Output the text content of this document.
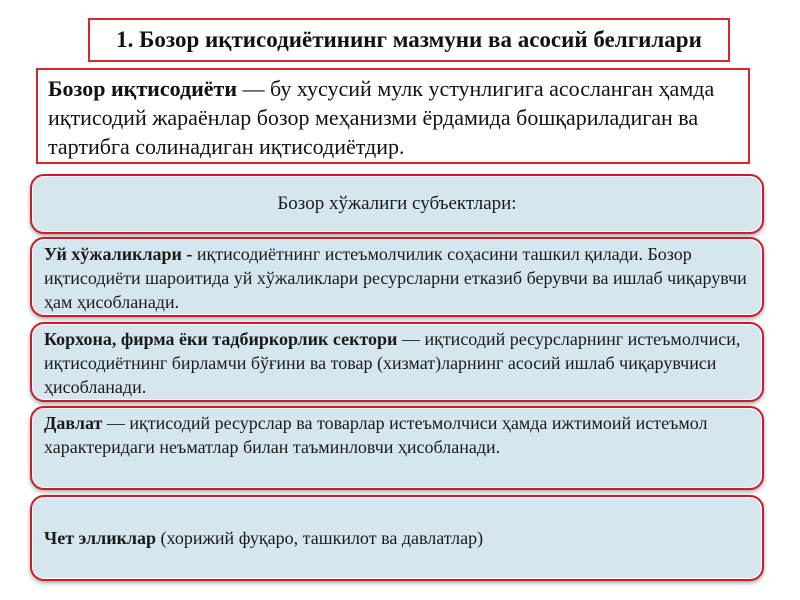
1. Бозор иқтисодиётининг мазмуни ва асосий белгилари
Бозор иқтисодиёти — бу хусусий мулк устунлигига асосланган ҳамда иқтисодий жараёнлар бозор меҳанизми ёрдамида бошқариладиган ва тартибга солинадиган иқтисодиётдир.
Бозор хўжалиги субъектлари:
Уй хўжаликлари - иқтисодиётнинг истеъмолчилик соҳасини ташкил қилади. Бозор иқтисодиёти шароитида уй хўжаликлари ресурсларни етказиб берувчи ва ишлаб чиқарувчи ҳам ҳисобланади.
Корхона, фирма ёки тадбиркорлик сектори — иқтисодий ресурсларнинг истеъмолчиси, иқтисодиётнинг бирламчи бўғини ва товар (хизмат)ларнинг асосий ишлаб чиқарувчиси ҳисобланади.
Давлат — иқтисодий ресурслар ва товарлар истеъмолчиси ҳамда ижтимоий истеъмол характеридаги неъматлар билан таъминловчи ҳисобланади.
Чет элликлар (хорижий фуқаро, ташкилот ва давлатлар)
